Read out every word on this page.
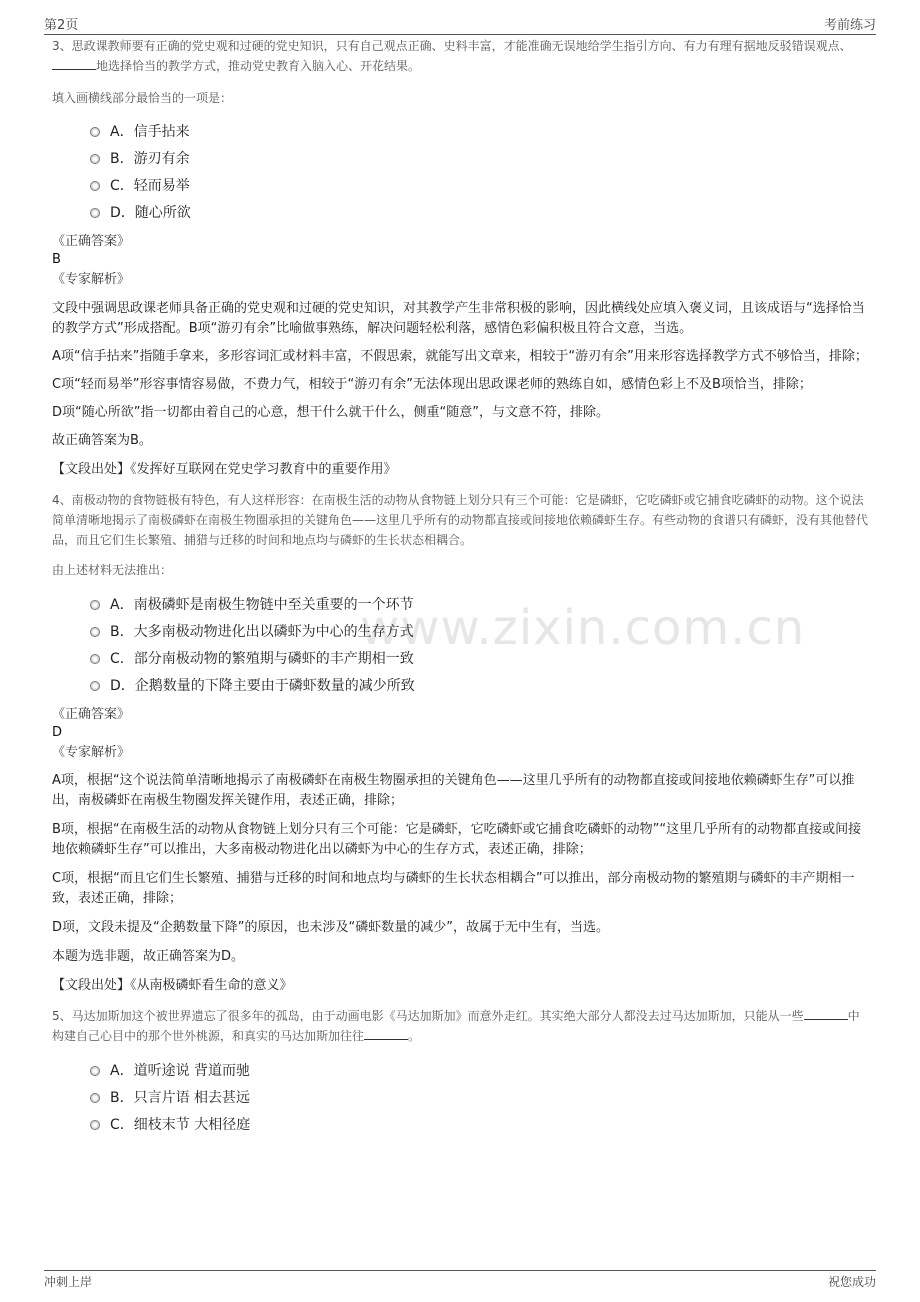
第2页	考前练习
www.zixin.com.cn

3、思政课教师要有正确的党史观和过硬的党史知识，只有自己观点正确、史料丰富，才能准确无误地给学生指引方向、有力有理有据地反驳错误观点、地选择恰当的教学方式，推动党史教育入脑入心、开花结果。

填入画横线部分最恰当的一项是：

A．信手拈来
B．游刃有余
C．轻而易举
D．随心所欲

《正确答案》

B

《专家解析》

文段中强调思政课老师具备正确的党史观和过硬的党史知识，对其教学产生非常积极的影响，因此横线处应填入褒义词，且该成语与“选择恰当的教学方式”形成搭配。B项“游刃有余”比喻做事熟练，解决问题轻松利落，感情色彩偏积极且符合文意，当选。

A项“信手拈来”指随手拿来，多形容词汇或材料丰富，不假思索，就能写出文章来，相较于“游刃有余”用来形容选择教学方式不够恰当，排除；

C项“轻而易举”形容事情容易做，不费力气，相较于“游刃有余”无法体现出思政课老师的熟练自如，感情色彩上不及B项恰当，排除；

D项“随心所欲”指一切都由着自己的心意，想干什么就干什么，侧重“随意”，与文意不符，排除。

故正确答案为B。

【文段出处】《发挥好互联网在党史学习教育中的重要作用》

4、南极动物的食物链极有特色，有人这样形容：在南极生活的动物从食物链上划分只有三个可能：它是磷虾，它吃磷虾或它捕食吃磷虾的动物。这个说法简单清晰地揭示了南极磷虾在南极生物圈承担的关键角色——这里几乎所有的动物都直接或间接地依赖磷虾生存。有些动物的食谱只有磷虾，没有其他替代品，而且它们生长繁殖、捕猎与迁移的时间和地点均与磷虾的生长状态相耦合。

由上述材料无法推出：

A．南极磷虾是南极生物链中至关重要的一个环节
B．大多南极动物进化出以磷虾为中心的生存方式
C．部分南极动物的繁殖期与磷虾的丰产期相一致
D．企鹅数量的下降主要由于磷虾数量的减少所致

《正确答案》

D

《专家解析》

A项，根据“这个说法简单清晰地揭示了南极磷虾在南极生物圈承担的关键角色——这里几乎所有的动物都直接或间接地依赖磷虾生存”可以推出，南极磷虾在南极生物圈发挥关键作用，表述正确，排除；

B项，根据“在南极生活的动物从食物链上划分只有三个可能：它是磷虾，它吃磷虾或它捕食吃磷虾的动物”“这里几乎所有的动物都直接或间接地依赖磷虾生存”可以推出，大多南极动物进化出以磷虾为中心的生存方式，表述正确，排除；

C项，根据“而且它们生长繁殖、捕猎与迁移的时间和地点均与磷虾的生长状态相耦合”可以推出，部分南极动物的繁殖期与磷虾的丰产期相一致，表述正确，排除；

D项，文段未提及“企鹅数量下降”的原因，也未涉及“磷虾数量的减少”，故属于无中生有，当选。

本题为选非题，故正确答案为D。

【文段出处】《从南极磷虾看生命的意义》

5、马达加斯加这个被世界遗忘了很多年的孤岛，由于动画电影《马达加斯加》而意外走红。其实绝大部分人都没去过马达加斯加，只能从一些	中构建自己心目中的那个世外桃源，和真实的马达加斯加往往	。

A．道听途说 背道而驰
B．只言片语 相去甚远
C．细枝末节 大相径庭
冲刺上岸	祝您成功
